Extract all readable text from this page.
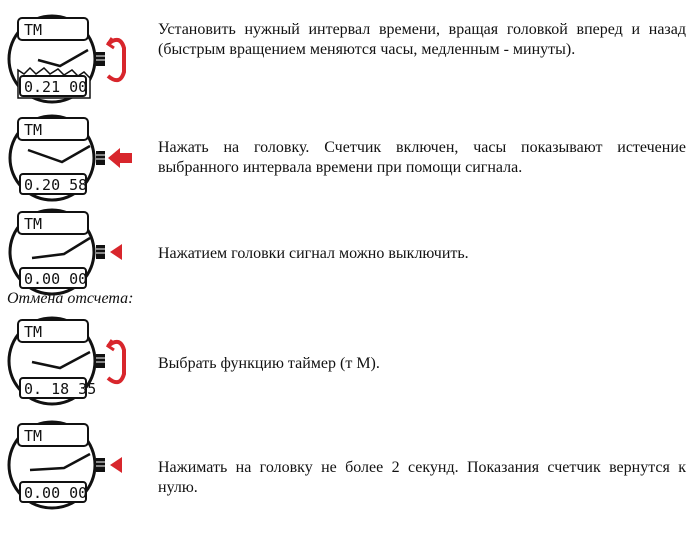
TM
0.21 00
Установить нужный интервал времени, вращая головкой вперед и назад (быстрым вращением меняются часы, медленным - минуты).
TM
0.20 58
Нажать на головку. Счетчик включен, часы показывают истечение выбранного интервала времени при помощи сигнала.
TM
0.00 00
Нажатием головки сигнал можно выключить.
Отмена отсчета:
TM
0. 18 35
Выбрать функцию таймер (т М).
TM
0.00 00
Нажимать на головку не более 2 секунд. Показания счетчик вернутся к нулю.
